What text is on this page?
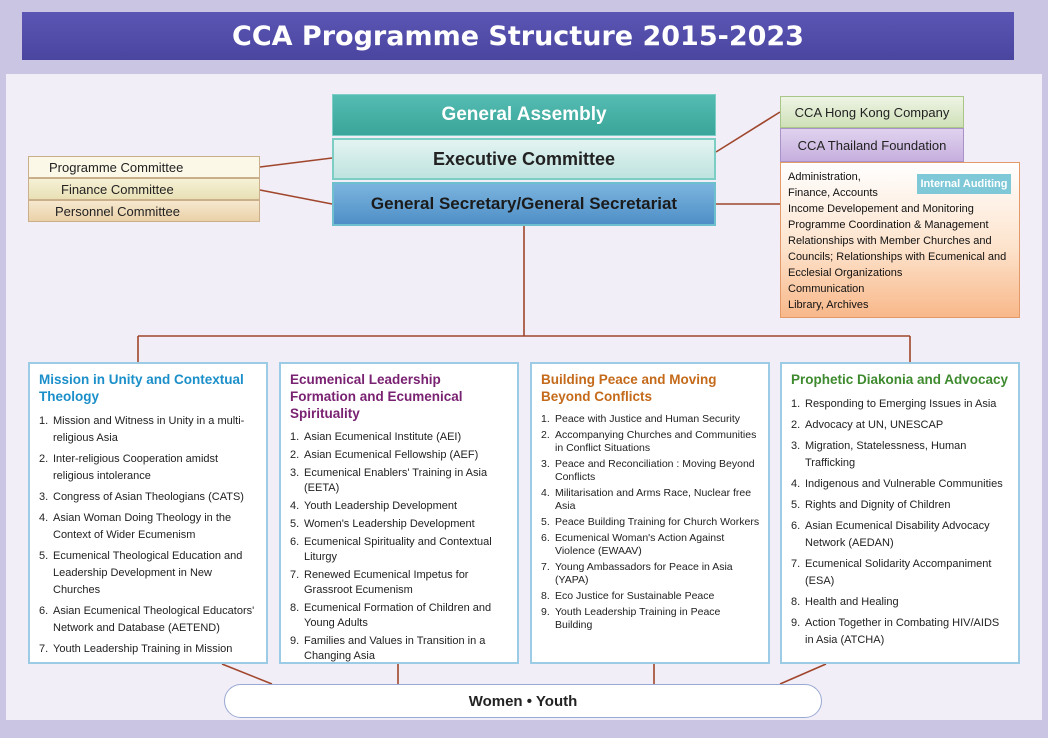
CCA Programme Structure 2015-2023
General Assembly
Executive Committee
General Secretary/General Secretariat
Programme Committee
Finance Committee
Personnel Committee
CCA Hong Kong Company
CCA Thailand Foundation
Internal Auditing
Administration,
Finance, Accounts
Income Developement and Monitoring
Programme Coordination & Management
Relationships with Member Churches and
Councils; Relationships with Ecumenical and
Ecclesial Organizations
Communication
Library, Archives
Mission in Unity and Contextual Theology
1. Mission and Witness in Unity in a multi-religious Asia
2. Inter-religious Cooperation amidst religious intolerance
3. Congress of Asian Theologians (CATS)
4. Asian Woman Doing Theology in the Context of Wider Ecumenism
5. Ecumenical Theological Education and Leadership Development in New Churches
6. Asian Ecumenical Theological Educators' Network and Database (AETEND)
7. Youth Leadership Training in Mission
Ecumenical Leadership Formation and Ecumenical Spirituality
1. Asian Ecumenical Institute (AEI)
2. Asian Ecumenical Fellowship (AEF)
3. Ecumenical Enablers' Training in Asia (EETA)
4. Youth Leadership Development
5. Women's Leadership Development
6. Ecumenical Spirituality and Contextual Liturgy
7. Renewed Ecumenical Impetus for Grassroot Ecumenism
8. Ecumenical Formation of Children and Young Adults
9. Families and Values in Transition in a Changing Asia
Building Peace and Moving Beyond Conflicts
1. Peace with Justice and Human Security
2. Accompanying Churches and Communities in Conflict Situations
3. Peace and Reconciliation : Moving Beyond Conflicts
4. Militarisation and Arms Race, Nuclear free Asia
5. Peace Building Training for Church Workers
6. Ecumenical Woman's Action Against Violence (EWAAV)
7. Young Ambassadors for Peace in Asia (YAPA)
8. Eco Justice for Sustainable Peace
9. Youth Leadership Training in Peace Building
Prophetic Diakonia and Advocacy
1. Responding to Emerging Issues in Asia
2. Advocacy at UN, UNESCAP
3. Migration, Statelessness, Human Trafficking
4. Indigenous and Vulnerable Communities
5. Rights and Dignity of Children
6. Asian Ecumenical Disability Advocacy Network (AEDAN)
7. Ecumenical Solidarity Accompaniment (ESA)
8. Health and Healing
9. Action Together in Combating HIV/AIDS in Asia (ATCHA)
Women • Youth
